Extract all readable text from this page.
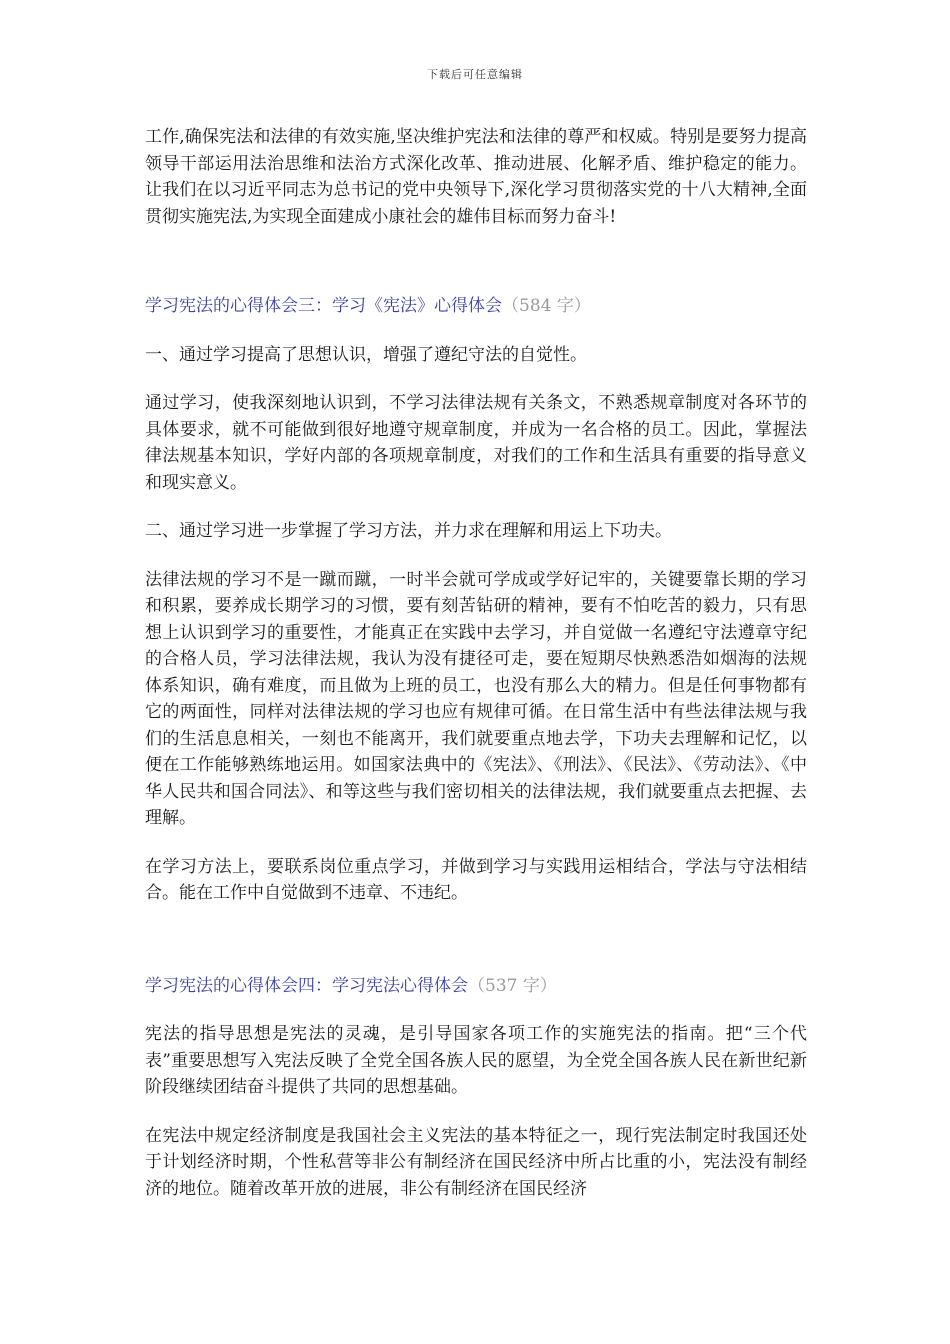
下载后可任意编辑

工作,确保宪法和法律的有效实施,坚决维护宪法和法律的尊严和权威。特别是要努力提高领导干部运用法治思维和法治方式深化改革、推动进展、化解矛盾、维护稳定的能力。让我们在以习近平同志为总书记的党中央领导下,深化学习贯彻落实党的十八大精神,全面贯彻实施宪法,为实现全面建成小康社会的雄伟目标而努力奋斗!

学习宪法的心得体会三：学习《宪法》心得体会（584 字）

一、通过学习提高了思想认识，增强了遵纪守法的自觉性。

通过学习，使我深刻地认识到，不学习法律法规有关条文，不熟悉规章制度对各环节的具体要求，就不可能做到很好地遵守规章制度，并成为一名合格的员工。因此，掌握法律法规基本知识，学好内部的各项规章制度，对我们的工作和生活具有重要的指导意义和现实意义。

二、通过学习进一步掌握了学习方法，并力求在理解和用运上下功夫。

法律法规的学习不是一蹴而蹴，一时半会就可学成或学好记牢的，关键要靠长期的学习和积累，要养成长期学习的习惯，要有刻苦钻研的精神，要有不怕吃苦的毅力，只有思想上认识到学习的重要性，才能真正在实践中去学习，并自觉做一名遵纪守法遵章守纪的合格人员，学习法律法规，我认为没有捷径可走，要在短期尽快熟悉浩如烟海的法规体系知识，确有难度，而且做为上班的员工，也没有那么大的精力。但是任何事物都有它的两面性，同样对法律法规的学习也应有规律可循。在日常生活中有些法律法规与我们的生活息息相关，一刻也不能离开，我们就要重点地去学，下功夫去理解和记忆，以便在工作能够熟练地运用。如国家法典中的《宪法》、《刑法》、《民法》、《劳动法》、《中华人民共和国合同法》、和等这些与我们密切相关的法律法规，我们就要重点去把握、去理解。

在学习方法上，要联系岗位重点学习，并做到学习与实践用运相结合，学法与守法相结合。能在工作中自觉做到不违章、不违纪。

学习宪法的心得体会四：学习宪法心得体会（537 字）

宪法的指导思想是宪法的灵魂，是引导国家各项工作的实施宪法的指南。把“三个代表”重要思想写入宪法反映了全党全国各族人民的愿望，为全党全国各族人民在新世纪新阶段继续团结奋斗提供了共同的思想基础。

在宪法中规定经济制度是我国社会主义宪法的基本特征之一，现行宪法制定时我国还处于计划经济时期，个性私营等非公有制经济在国民经济中所占比重的小，宪法没有制经济的地位。随着改革开放的进展，非公有制经济在国民经济
